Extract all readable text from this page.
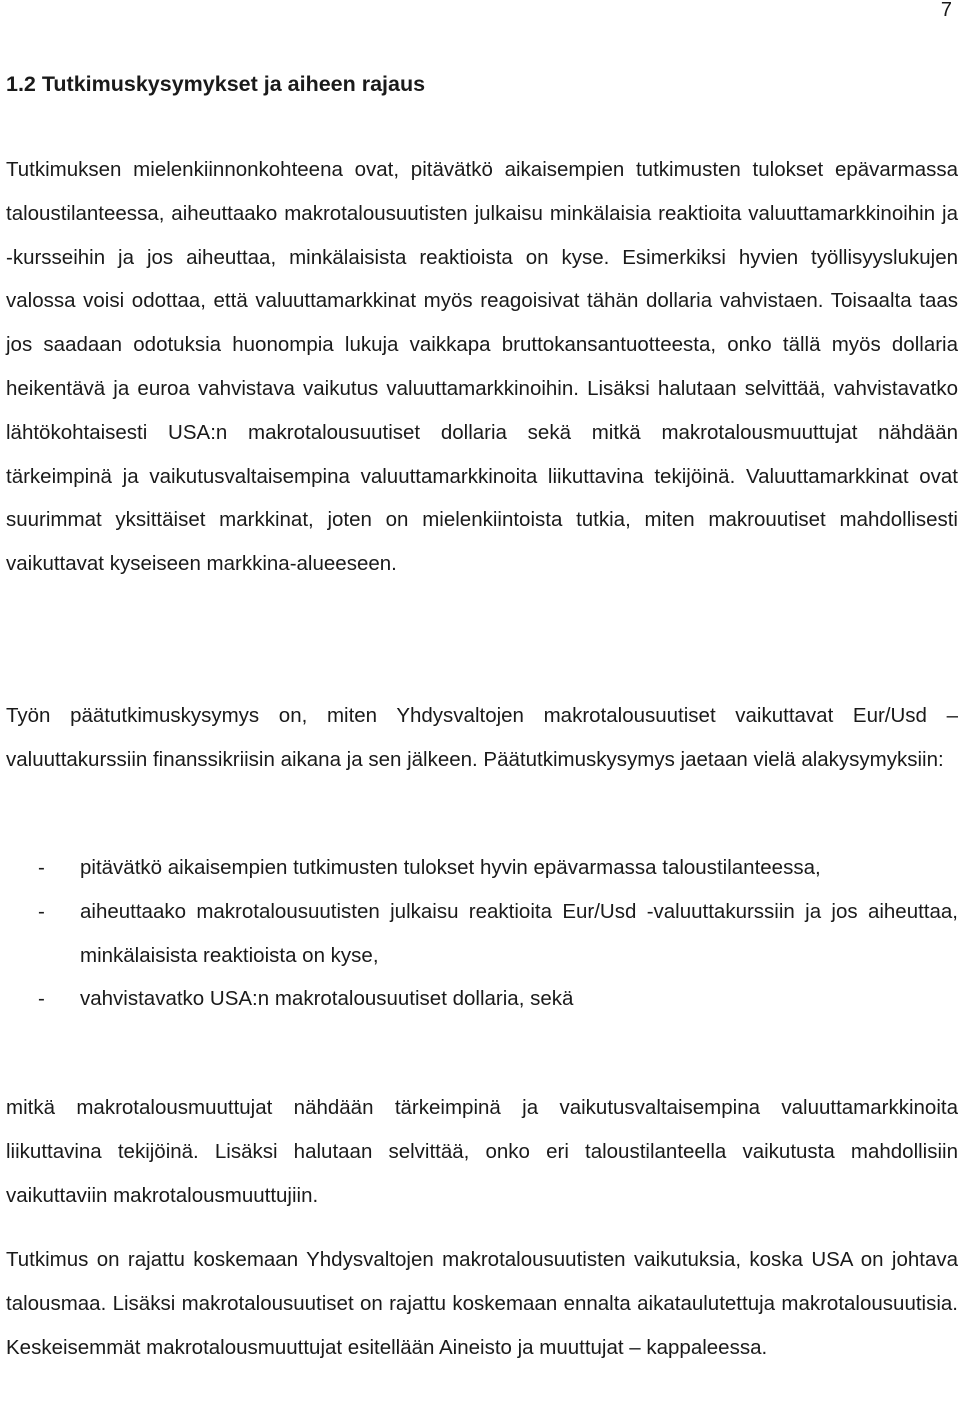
7
1.2 Tutkimuskysymykset ja aiheen rajaus

Tutkimuksen mielenkiinnonkohteena ovat, pitävätkö aikaisempien tutkimusten tulokset epävarmassa taloustilanteessa, aiheuttaako makrotalousuutisten julkaisu minkälaisia reaktioita valuuttamarkkinoihin ja -kursseihin ja jos aiheuttaa, minkälaisista reaktioista on kyse. Esimerkiksi hyvien työllisyyslukujen valossa voisi odottaa, että valuuttamarkkinat myös reagoisivat tähän dollaria vahvistaen. Toisaalta taas jos saadaan odotuksia huonompia lukuja vaikkapa bruttokansantuotteesta, onko tällä myös dollaria heikentävä ja euroa vahvistava vaikutus valuuttamarkkinoihin. Lisäksi halutaan selvittää, vahvistavatko lähtökohtaisesti USA:n makrotalousuutiset dollaria sekä mitkä makrotalousmuuttujat nähdään tärkeimpinä ja vaikutusvaltaisempina valuuttamarkkinoita liikuttavina tekijöinä. Valuuttamarkkinat ovat suurimmat yksittäiset markkinat, joten on mielenkiintoista tutkia, miten makrouutiset mahdollisesti vaikuttavat kyseiseen markkina-alueeseen.

Työn päätutkimuskysymys on, miten Yhdysvaltojen makrotalousuutiset vaikuttavat Eur/Usd –valuuttakurssiin finanssikriisin aikana ja sen jälkeen. Päätutkimuskysymys jaetaan vielä alakysymyksiin:

- pitävätkö aikaisempien tutkimusten tulokset hyvin epävarmassa taloustilanteessa,
- aiheuttaako makrotalousuutisten julkaisu reaktioita Eur/Usd -valuuttakurssiin ja jos aiheuttaa, minkälaisista reaktioista on kyse,
- vahvistavatko USA:n makrotalousuutiset dollaria, sekä

mitkä makrotalousmuuttujat nähdään tärkeimpinä ja vaikutusvaltaisempina valuuttamarkkinoita liikuttavina tekijöinä. Lisäksi halutaan selvittää, onko eri taloustilanteella vaikutusta mahdollisiin vaikuttaviin makrotalousmuuttujiin.

Tutkimus on rajattu koskemaan Yhdysvaltojen makrotalousuutisten vaikutuksia, koska USA on johtava talousmaa. Lisäksi makrotalousuutiset on rajattu koskemaan ennalta aikataulutettuja makrotalousuutisia. Keskeisemmät makrotalousmuuttujat esitellään Aineisto ja muuttujat – kappaleessa.
